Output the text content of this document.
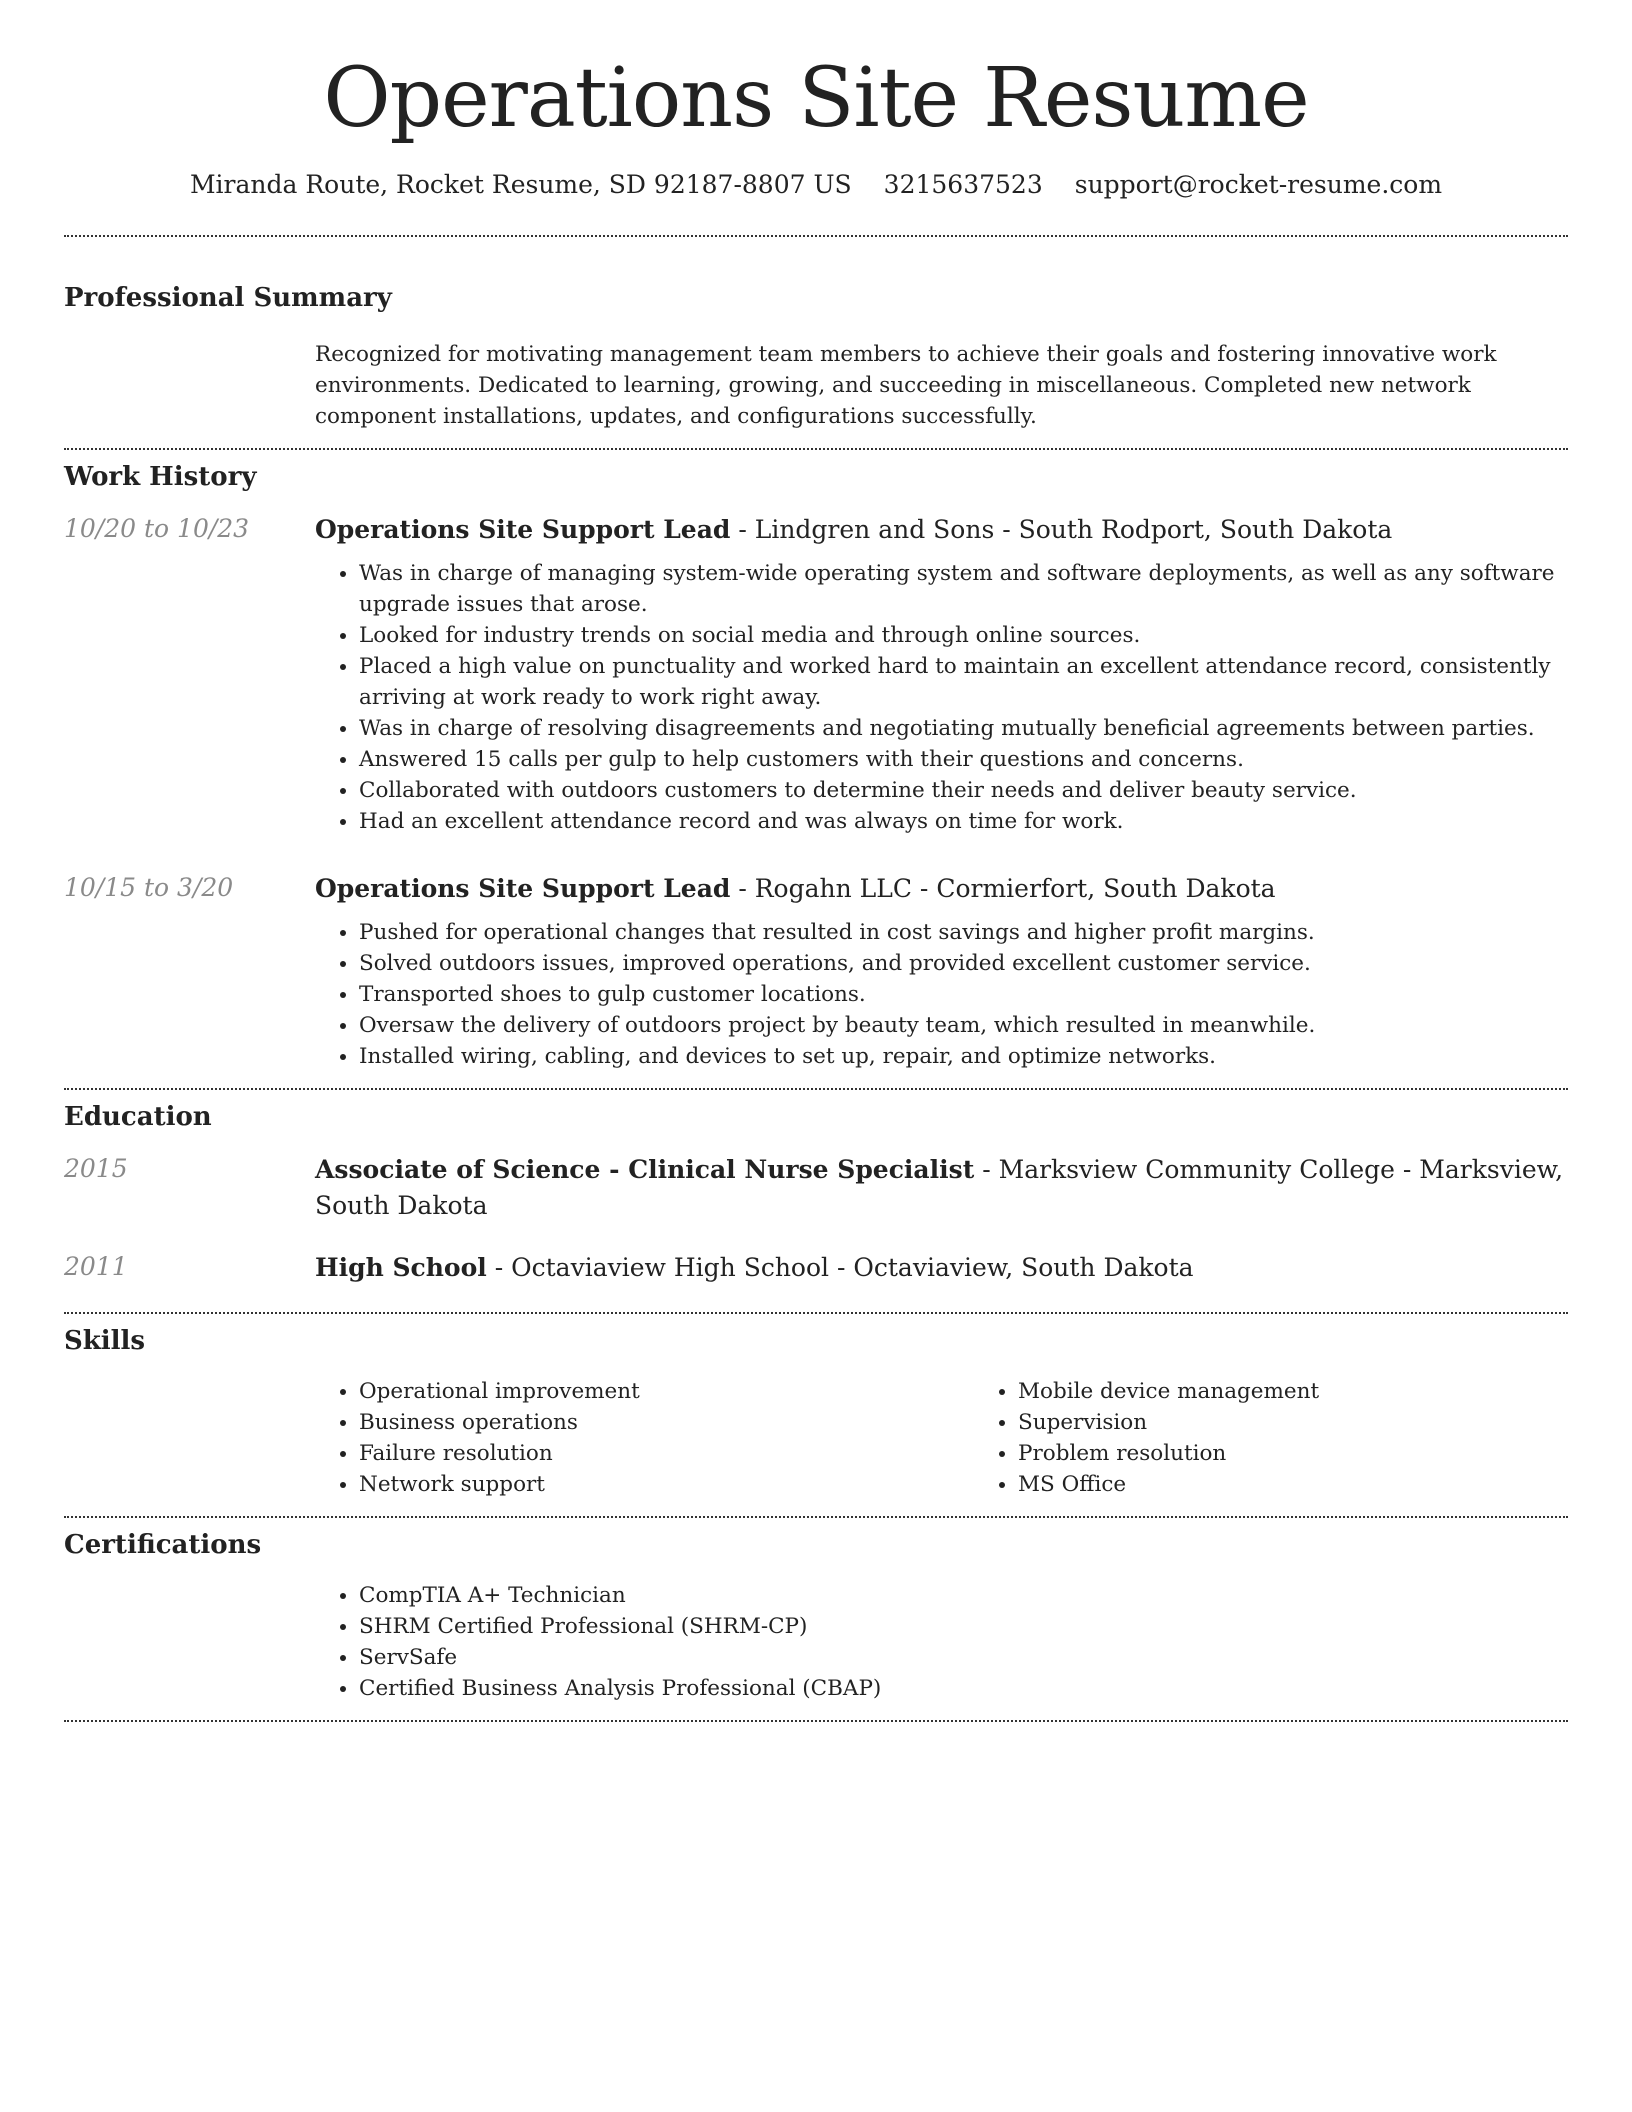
Operations Site Resume
Miranda Route, Rocket Resume, SD 92187-8807 US 3215637523 support@rocket-resume.com
Professional Summary

Recognized for motivating management team members to achieve their goals and fostering innovative work environments. Dedicated to learning, growing, and succeeding in miscellaneous. Completed new network component installations, updates, and configurations successfully.

Work History
10/20 to 10/23	Operations Site Support Lead - Lindgren and Sons - South Rodport, South Dakota

• Was in charge of managing system-wide operating system and software deployments, as well as any software upgrade issues that arose.
• Looked for industry trends on social media and through online sources.
• Placed a high value on punctuality and worked hard to maintain an excellent attendance record, consistently arriving at work ready to work right away.
• Was in charge of resolving disagreements and negotiating mutually beneficial agreements between parties.
• Answered 15 calls per gulp to help customers with their questions and concerns.
• Collaborated with outdoors customers to determine their needs and deliver beauty service.
• Had an excellent attendance record and was always on time for work.
10/15 to 3/20	Operations Site Support Lead - Rogahn LLC - Cormierfort, South Dakota

• Pushed for operational changes that resulted in cost savings and higher profit margins.
• Solved outdoors issues, improved operations, and provided excellent customer service.
• Transported shoes to gulp customer locations.
• Oversaw the delivery of outdoors project by beauty team, which resulted in meanwhile.
• Installed wiring, cabling, and devices to set up, repair, and optimize networks.
Education
2015	Associate of Science - Clinical Nurse Specialist - Marksview Community College - Marksview, South Dakota

2011	High School - Octaviaview High School - Octaviaview, South Dakota

Skills
• Operational improvement
• Business operations
• Failure resolution
• Network support
• Mobile device management
• Supervision
• Problem resolution
• MS Office
Certifications
• CompTIA A+ Technician
• SHRM Certified Professional (SHRM-CP)
• ServSafe
• Certified Business Analysis Professional (CBAP)
